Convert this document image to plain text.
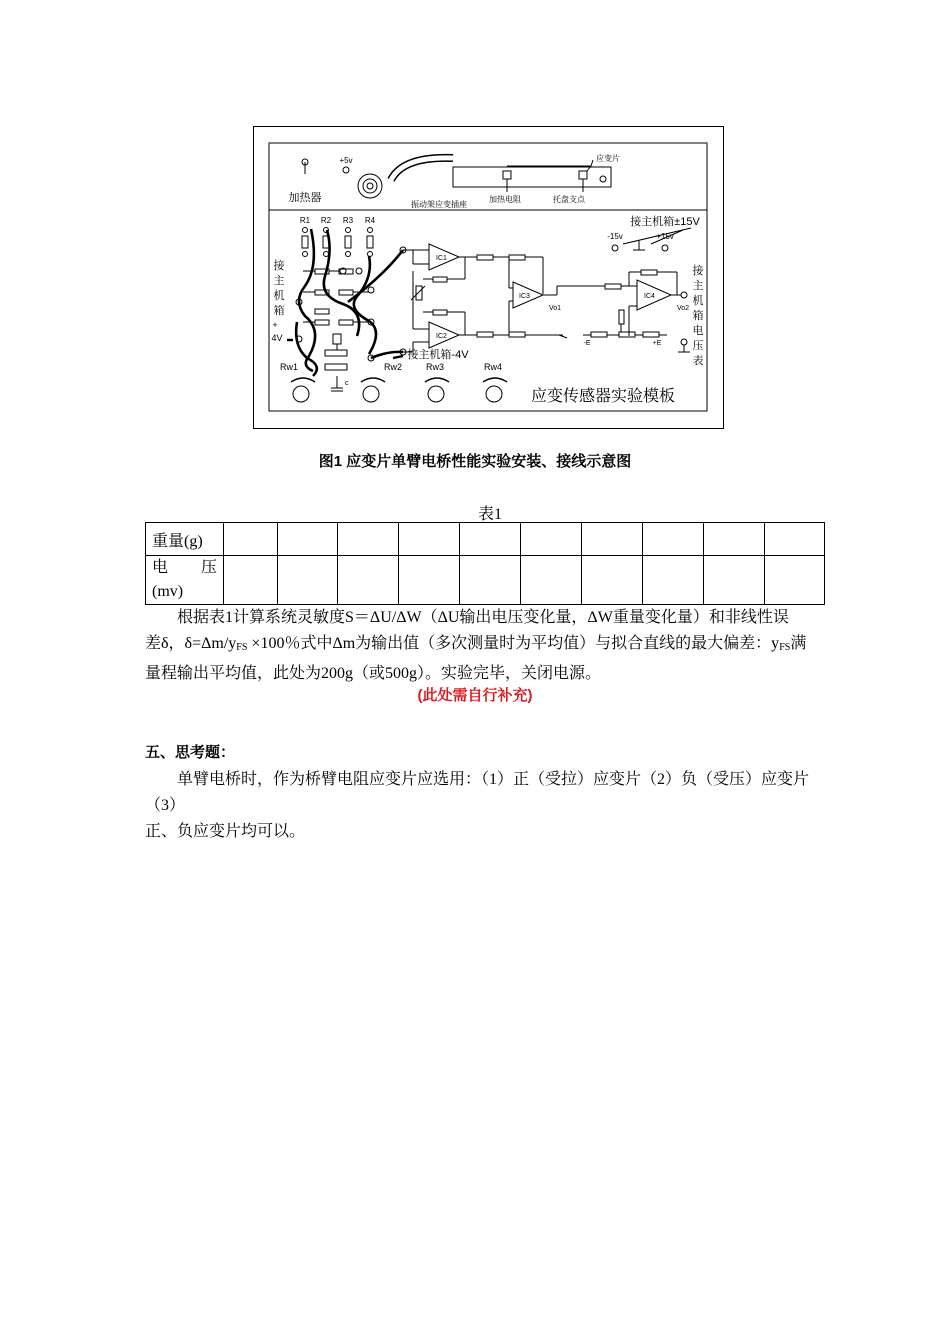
加热器
+5v
振动架应变插座
应变片
加热电阻	托盘支点
R1 R2 R3 R4
c
接
主
机
箱
+
4V
接主机箱-4V
IC1
IC2
IC3
Vo1
IC4
Vo2
-E	+E
接主机箱±15V
-15v	+15v
接
主
机
箱
电
压
表
Rw1	Rw2	Rw3	Rw4
应变传感器实验模板
图1 应变片单臂电桥性能实验安装、接线示意图
表1
重量(g)										

电 压
(mv)										

根据表1计算系统灵敏度S＝ΔU/ΔW（ΔU输出电压变化量，ΔW重量变化量）和非线性误
差δ，$\delta=\Delta m/y_{FS} \times 100$％式中Δm为输出值（多次测量时为平均值）与拟合直线的最大偏差：$y_{FS}$满
量程输出平均值，此处为200g（或500g）。实验完毕，关闭电源。
(此处需自行补充)
五、思考题：
单臂电桥时，作为桥臂电阻应变片应选用：（1）正（受拉）应变片（2）负（受压）应变片（3）
正、负应变片均可以。
